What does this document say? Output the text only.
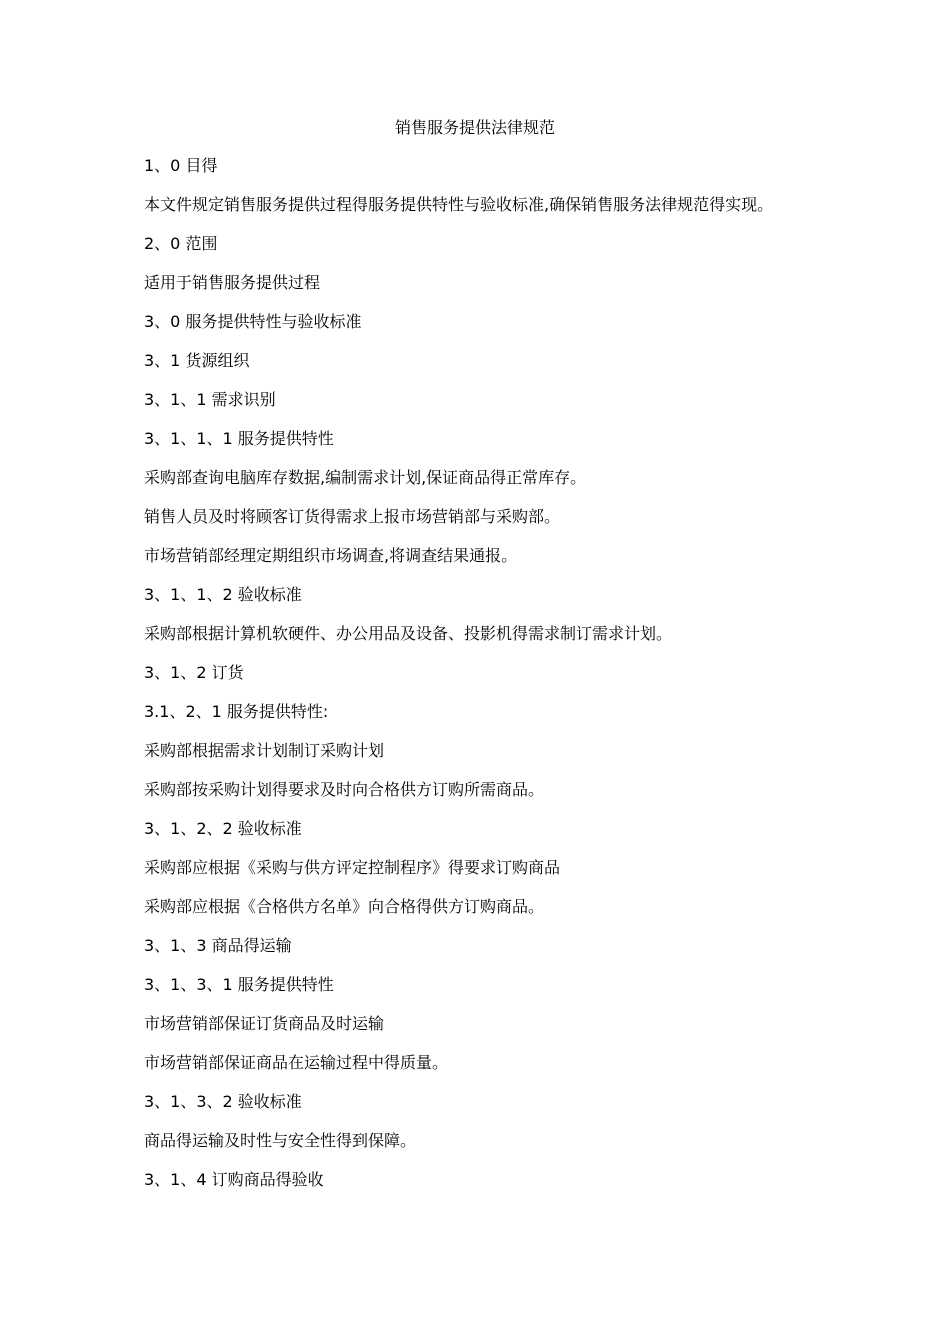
销售服务提供法律规范

1、0 目得

本文件规定销售服务提供过程得服务提供特性与验收标准,确保销售服务法律规范得实现。

2、0 范围

适用于销售服务提供过程

3、0 服务提供特性与验收标准

3、1 货源组织

3、1、1 需求识别

3、1、1、1 服务提供特性

采购部查询电脑库存数据,编制需求计划,保证商品得正常库存。

销售人员及时将顾客订货得需求上报市场营销部与采购部。

市场营销部经理定期组织市场调查,将调查结果通报。

3、1、1、2 验收标准

采购部根据计算机软硬件、办公用品及设备、投影机得需求制订需求计划。

3、1、2 订货

3.1、2、1 服务提供特性:

采购部根据需求计划制订采购计划

采购部按采购计划得要求及时向合格供方订购所需商品。

3、1、2、2 验收标准

采购部应根据《采购与供方评定控制程序》得要求订购商品

采购部应根据《合格供方名单》向合格得供方订购商品。

3、1、3 商品得运输

3、1、3、1 服务提供特性

市场营销部保证订货商品及时运输

市场营销部保证商品在运输过程中得质量。

3、1、3、2 验收标准

商品得运输及时性与安全性得到保障。

3、1、4 订购商品得验收
